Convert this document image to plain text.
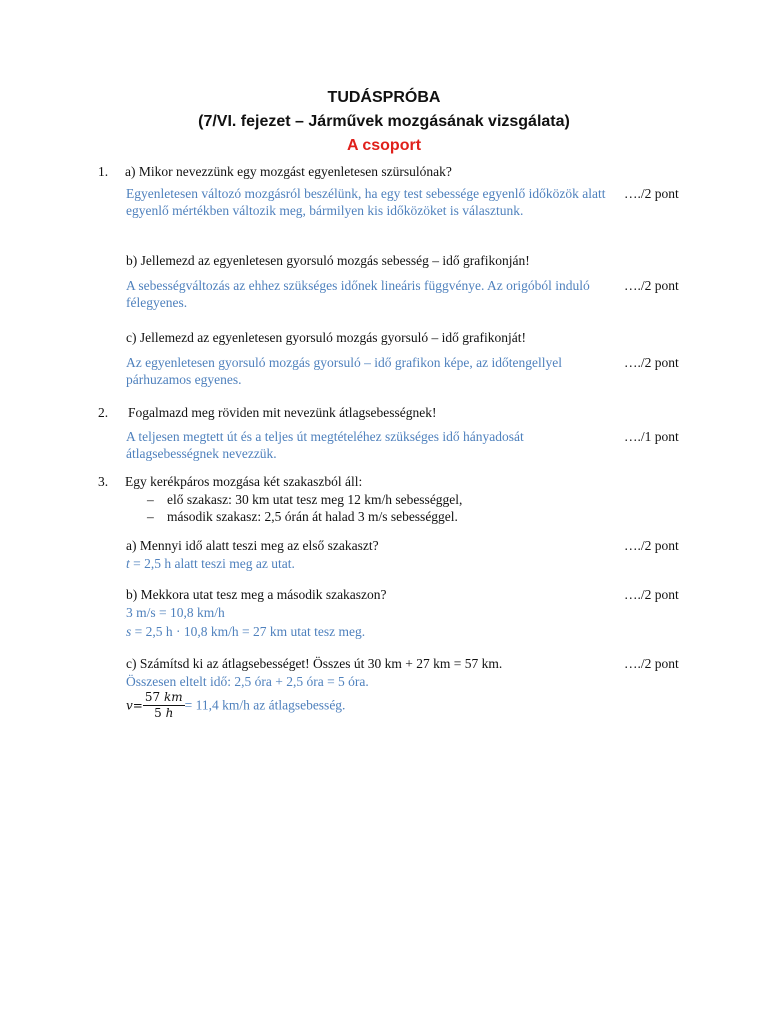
TUDÁSPRÓBA
(7/VI. fejezet – Járművek mozgásának vizsgálata)
A csoport
1. a) Mikor nevezzünk egy mozgást egyenletesen szürsulónak?
Egyenletesen változó mozgásról beszélünk, ha egy test sebessége egyenlő időközök alatt egyenlő mértékben változik meg, bármilyen kis időközöket is választunk.
…./2 pont
b) Jellemezd az egyenletesen gyorsuló mozgás sebesség – idő grafikonján!
A sebességváltozás az ehhez szükséges időnek lineáris függvénye. Az origóból induló félegyenes.
…./2 pont
c) Jellemezd az egyenletesen gyorsuló mozgás gyorsuló – idő grafikonját!
Az egyenletesen gyorsuló mozgás gyorsuló – idő grafikon képe, az időtengellyel párhuzamos egyenes.
…./2 pont
2. Fogalmazd meg röviden mit nevezünk átlagsebességnek!
A teljesen megtett út és a teljes út megtételéhez szükséges idő hányadosát átlagsebességnek nevezzük.
…./1 pont
3. Egy kerékpáros mozgása két szakaszból áll:
– elő szakasz: 30 km utat tesz meg 12 km/h sebességgel,
– második szakasz: 2,5 órán át halad 3 m/s sebességgel.
a) Mennyi idő alatt teszi meg az első szakaszt?
t = 2,5 h alatt teszi meg az utat.
…./2 pont
b) Mekkora utat tesz meg a második szakaszon?
3 m/s = 10,8 km/h
s = 2,5 h · 10,8 km/h = 27 km utat tesz meg.
…./2 pont
c) Számítsd ki az átlagsebességet! Összes út 30 km + 27 km = 57 km.
Összesen eltelt idő: 2,5 óra + 2,5 óra = 5 óra.
$v= \frac{57 km}{5 h} = 11,4$ km/h az átlagsebesség.
…./2 pont
